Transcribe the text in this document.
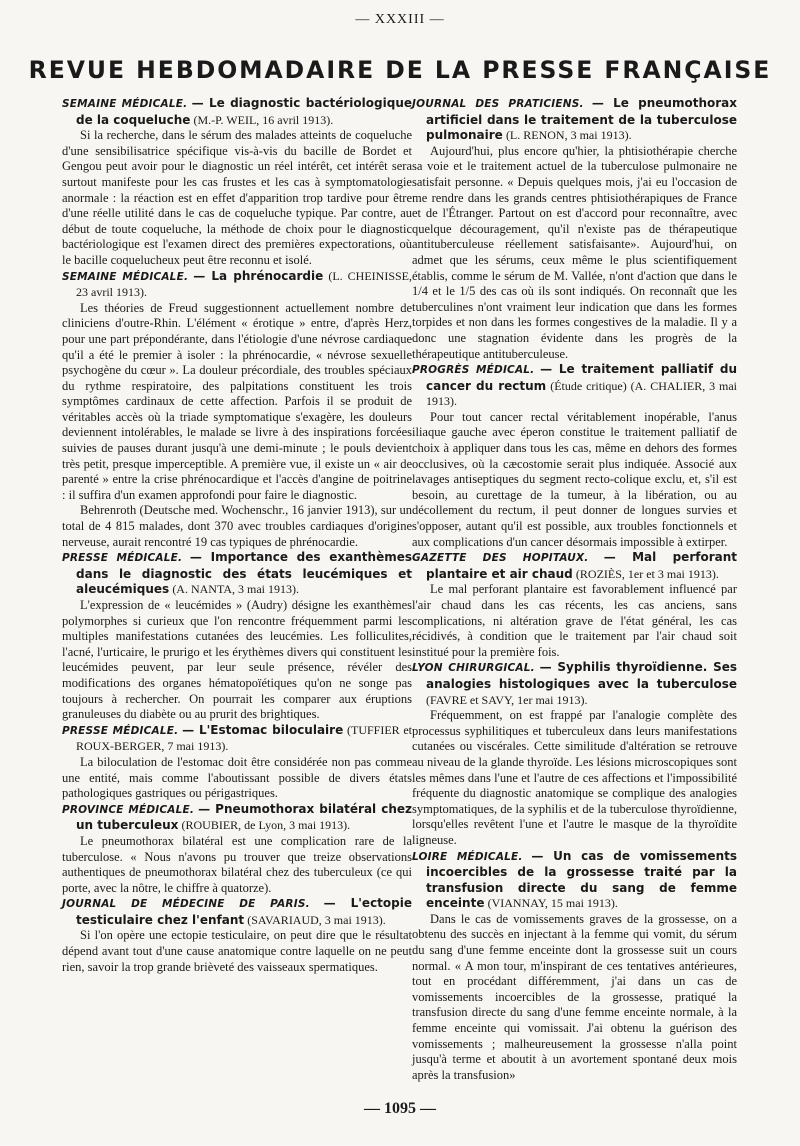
— XXXIII —
REVUE HEBDOMADAIRE DE LA PRESSE FRANÇAISE

SEMAINE MÉDICALE. — Le diagnostic bactériologique de la coqueluche (M.-P. WEIL, 16 avril 1913).

Si la recherche, dans le sérum des malades atteints de coqueluche d'une sensibilisatrice spécifique vis-à-vis du bacille de Bordet et Gengou peut avoir pour le diagnostic un réel intérêt, cet intérêt sera surtout manifeste pour les cas frustes et les cas à symptomatologie anormale : la réaction est en effet d'apparition trop tardive pour être d'une réelle utilité dans le cas de coqueluche typique. Par contre, au début de toute coqueluche, la méthode de choix pour le diagnostic bactériologique est l'examen direct des premières expectorations, où le bacille coquelucheux peut être reconnu et isolé.

SEMAINE MÉDICALE. — La phrénocardie (L. CHEINISSE, 23 avril 1913).

Les théories de Freud suggestionnent actuellement nombre de cliniciens d'outre-Rhin. L'élément « érotique » entre, d'après Herz, pour une part prépondérante, dans l'étiologie d'une névrose cardiaque qu'il a été le premier à isoler : la phrénocardie, « névrose sexuelle psychogène du cœur ». La douleur précordiale, des troubles spéciaux du rythme respiratoire, des palpitations constituent les trois symptômes cardinaux de cette affection. Parfois il se produit de véritables accès où la triade symptomatique s'exagère, les douleurs deviennent intolérables, le malade se livre à des inspirations forcées suivies de pauses durant jusqu'à une demi-minute ; le pouls devient très petit, presque imperceptible. A première vue, il existe un « air de parenté » entre la crise phrénocardique et l'accès d'angine de poitrine : il suffira d'un examen approfondi pour faire le diagnostic.

Behrenroth (Deutsche med. Wochenschr., 16 janvier 1913), sur un total de 4 815 malades, dont 370 avec troubles cardiaques d'origine nerveuse, aurait rencontré 19 cas typiques de phrénocardie.

PRESSE MÉDICALE. — Importance des exanthèmes dans le diagnostic des états leucémiques et aleucémiques (A. NANTA, 3 mai 1913).

L'expression de « leucémides » (Audry) désigne les exanthèmes polymorphes si curieux que l'on rencontre fréquemment parmi les multiples manifestations cutanées des leucémies. Les folliculites, l'acné, l'urticaire, le prurigo et les érythèmes divers qui constituent les leucémides peuvent, par leur seule présence, révéler des modifications des organes hématopoïétiques qu'on ne songe pas toujours à rechercher. On pourrait les comparer aux éruptions granuleuses du diabète ou au prurit des brightiques.

PRESSE MÉDICALE. — L'Estomac biloculaire (TUFFIER et ROUX-BERGER, 7 mai 1913).

La biloculation de l'estomac doit être considérée non pas comme une entité, mais comme l'aboutissant possible de divers états pathologiques gastriques ou périgastriques.

PROVINCE MÉDICALE. — Pneumothorax bilatéral chez un tuberculeux (ROUBIER, de Lyon, 3 mai 1913).

Le pneumothorax bilatéral est une complication rare de la tuberculose. « Nous n'avons pu trouver que treize observations authentiques de pneumothorax bilatéral chez des tuberculeux (ce qui porte, avec la nôtre, le chiffre à quatorze).

JOURNAL DE MÉDECINE DE PARIS. — L'ectopie testiculaire chez l'enfant (SAVARIAUD, 3 mai 1913).

Si l'on opère une ectopie testiculaire, on peut dire que le résultat dépend avant tout d'une cause anatomique contre laquelle on ne peut rien, savoir la trop grande brièveté des vaisseaux spermatiques.

JOURNAL DES PRATICIENS. — Le pneumothorax artificiel dans le traitement de la tuberculose pulmonaire (L. RENON, 3 mai 1913).

Aujourd'hui, plus encore qu'hier, la phtisiothérapie cherche sa voie et le traitement actuel de la tuberculose pulmonaire ne satisfait personne. « Depuis quelques mois, j'ai eu l'occasion de me rendre dans les grands centres phtisiothérapiques de France et de l'Étranger. Partout on est d'accord pour reconnaître, avec quelque découragement, qu'il n'existe pas de thérapeutique antituberculeuse réellement satisfaisante». Aujourd'hui, on admet que les sérums, ceux même le plus scientifiquement établis, comme le sérum de M. Vallée, n'ont d'action que dans le 1/4 et le 1/5 des cas où ils sont indiqués. On reconnaît que les tuberculines n'ont vraiment leur indication que dans les formes torpides et non dans les formes congestives de la maladie. Il y a donc une stagnation évidente dans les progrès de la thérapeutique antituberculeuse.

PROGRÈS MÉDICAL. — Le traitement palliatif du cancer du rectum (Étude critique) (A. CHALIER, 3 mai 1913).

Pour tout cancer rectal véritablement inopérable, l'anus iliaque gauche avec éperon constitue le traitement palliatif de choix à appliquer dans tous les cas, même en dehors des formes occlusives, où la cæcostomie serait plus indiquée. Associé aux lavages antiseptiques du segment recto-colique exclu, et, s'il est besoin, au curettage de la tumeur, à la libération, ou au décollement du rectum, il peut donner de longues survies et s'opposer, autant qu'il est possible, aux troubles fonctionnels et aux complications d'un cancer désormais impossible à extirper.

GAZETTE DES HOPITAUX. — Mal perforant plantaire et air chaud (ROZIÈS, 1er et 3 mai 1913).

Le mal perforant plantaire est favorablement influencé par l'air chaud dans les cas récents, les cas anciens, sans complications, ni altération grave de l'état général, les cas récidivés, à condition que le traitement par l'air chaud soit institué pour la première fois.

LYON CHIRURGICAL. — Syphilis thyroïdienne. Ses analogies histologiques avec la tuberculose (FAVRE et SAVY, 1er mai 1913).

Fréquemment, on est frappé par l'analogie complète des processus syphilitiques et tuberculeux dans leurs manifestations cutanées ou viscérales. Cette similitude d'altération se retrouve au niveau de la glande thyroïde. Les lésions microscopiques sont les mêmes dans l'une et l'autre de ces affections et l'impossibilité fréquente du diagnostic anatomique se complique des analogies symptomatiques, de la syphilis et de la tuberculose thyroïdienne, lorsqu'elles revêtent l'une et l'autre le masque de la thyroïdite ligneuse.

LOIRE MÉDICALE. — Un cas de vomissements incoercibles de la grossesse traité par la transfusion directe du sang de femme enceinte (VIANNAY, 15 mai 1913).

Dans le cas de vomissements graves de la grossesse, on a obtenu des succès en injectant à la femme qui vomit, du sérum du sang d'une femme enceinte dont la grossesse suit un cours normal. « A mon tour, m'inspirant de ces tentatives antérieures, tout en procédant différemment, j'ai dans un cas de vomissements incoercibles de la grossesse, pratiqué la transfusion directe du sang d'une femme enceinte normale, à la femme enceinte qui vomissait. J'ai obtenu la guérison des vomissements ; malheureusement la grossesse n'alla point jusqu'à terme et aboutit à un avortement spontané deux mois après la transfusion»

— 1095 —
